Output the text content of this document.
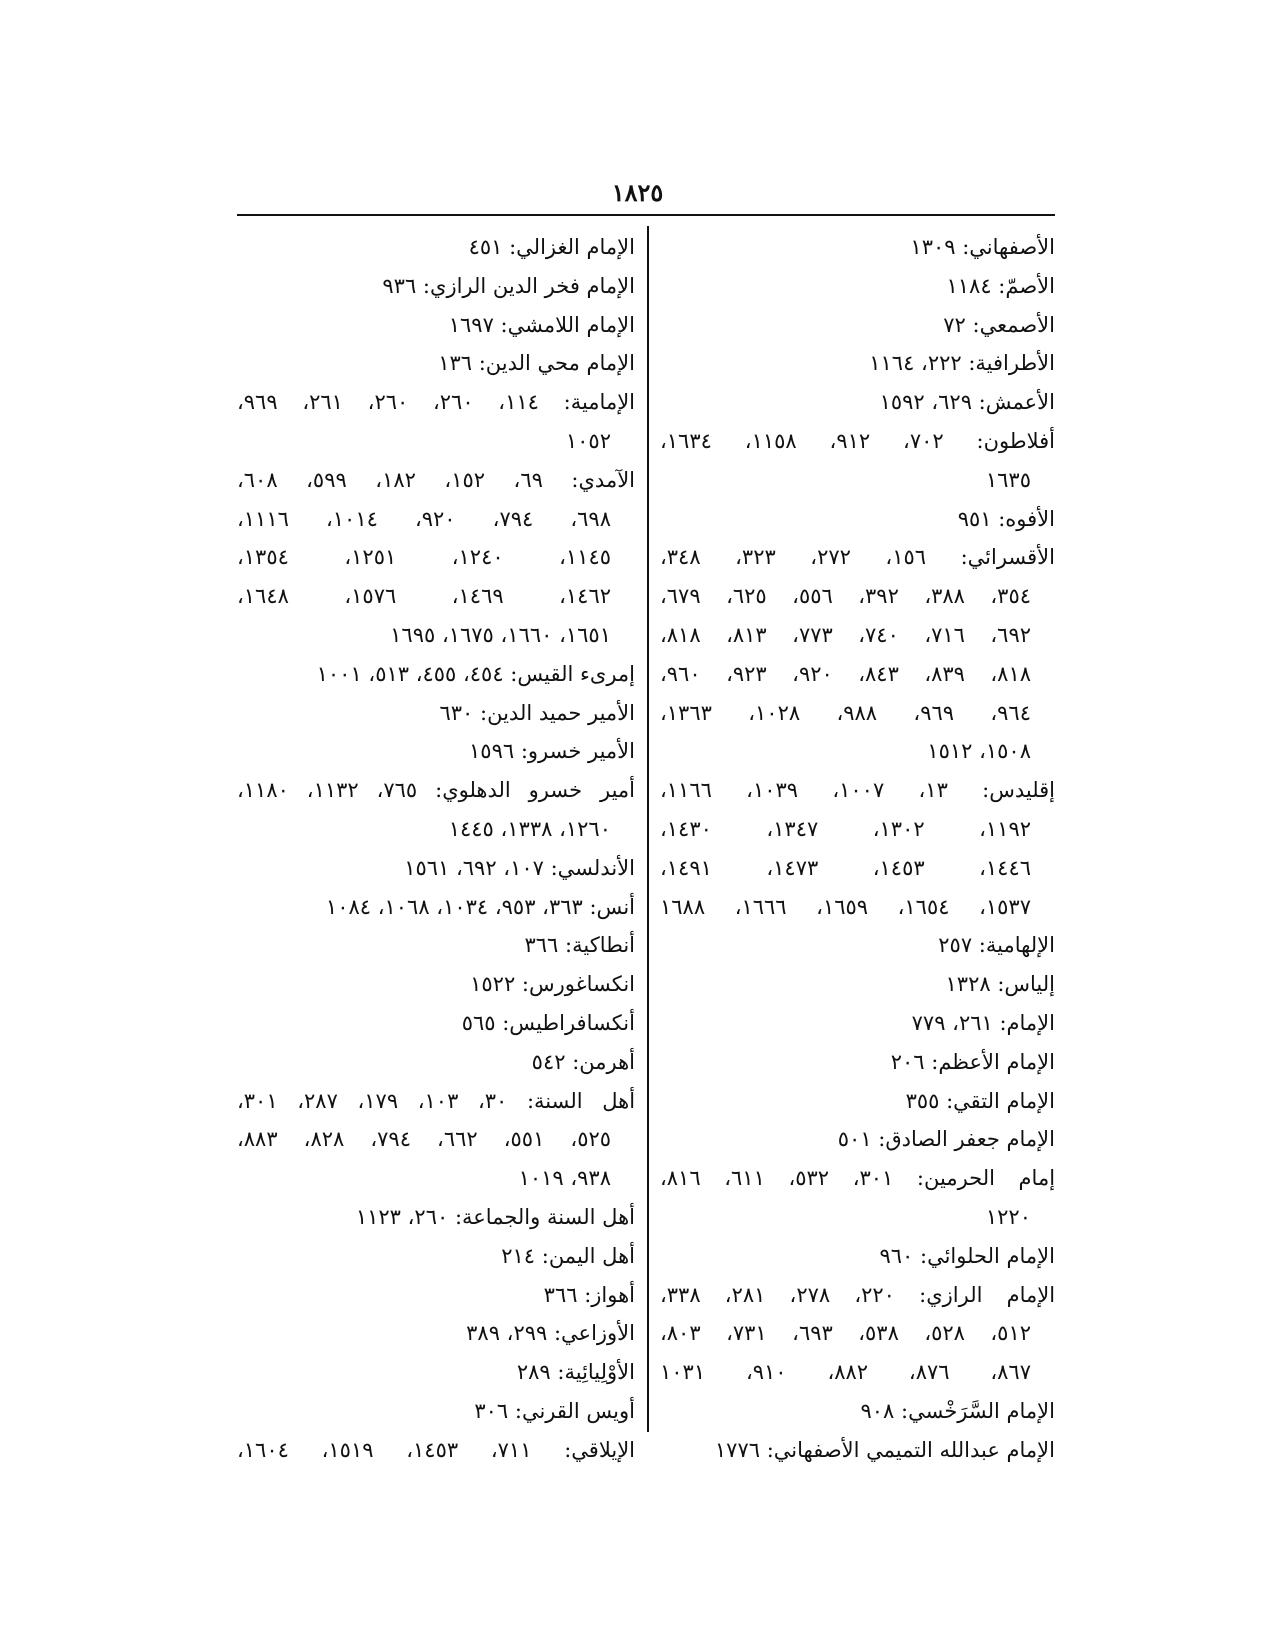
١٨٢٥
الأصفهاني: ١٣٠٩
الأصمّ: ١١٨٤
الأصمعي: ٧٢
الأطرافية: ٢٢٢، ١١٦٤
الأعمش: ٦٢٩، ١٥٩٢
أفلاطون: ٧٠٢، ٩١٢، ١١٥٨، ١٦٣٤،
١٦٣٥
الأفوه: ٩٥١
الأقسرائي: ١٥٦، ٢٧٢، ٣٢٣، ٣٤٨،
٣٥٤، ٣٨٨، ٣٩٢، ٥٥٦، ٦٢٥، ٦٧٩،
٦٩٢، ٧١٦، ٧٤٠، ٧٧٣، ٨١٣، ٨١٨،
٨١٨، ٨٣٩، ٨٤٣، ٩٢٠، ٩٢٣، ٩٦٠،
٩٦٤، ٩٦٩، ٩٨٨، ١٠٢٨، ١٣٦٣،
١٥٠٨، ١٥١٢
إقليدس: ١٣، ١٠٠٧، ١٠٣٩، ١١٦٦،
١١٩٢، ١٣٠٢، ١٣٤٧، ١٤٣٠،
١٤٤٦، ١٤٥٣، ١٤٧٣، ١٤٩١،
١٥٣٧، ١٦٥٤، ١٦٥٩، ١٦٦٦، ١٦٨٨
الإلهامية: ٢٥٧
إلياس: ١٣٢٨
الإمام: ٢٦١، ٧٧٩
الإمام الأعظم: ٢٠٦
الإمام التقي: ٣٥٥
الإمام جعفر الصادق: ٥٠١
إمام الحرمين: ٣٠١، ٥٣٢، ٦١١، ٨١٦،
١٢٢٠
الإمام الحلوائي: ٩٦٠
الإمام الرازي: ٢٢٠، ٢٧٨، ٢٨١، ٣٣٨،
٥١٢، ٥٢٨، ٥٣٨، ٦٩٣، ٧٣١، ٨٠٣،
٨٦٧، ٨٧٦، ٨٨٢، ٩١٠، ١٠٣١
الإمام السَّرَخْسي: ٩٠٨
الإمام عبدالله التميمي الأصفهاني: ١٧٧٦
الإمام الغزالي: ٤٥١
الإمام فخر الدين الرازي: ٩٣٦
الإمام اللامشي: ١٦٩٧
الإمام محي الدين: ١٣٦
الإمامية: ١١٤، ٢٦٠، ٢٦٠، ٢٦١، ٩٦٩،
١٠٥٢
الآمدي: ٦٩، ١٥٢، ١٨٢، ٥٩٩، ٦٠٨،
٦٩٨، ٧٩٤، ٩٢٠، ١٠١٤، ١١١٦،
١١٤٥، ١٢٤٠، ١٢٥١، ١٣٥٤،
١٤٦٢، ١٤٦٩، ١٥٧٦، ١٦٤٨،
١٦٥١، ١٦٦٠، ١٦٧٥، ١٦٩٥
إمرىء القيس: ٤٥٤، ٤٥٥، ٥١٣، ١٠٠١
الأمير حميد الدين: ٦٣٠
الأمير خسرو: ١٥٩٦
أمير خسرو الدهلوي: ٧٦٥، ١١٣٢، ١١٨٠،
١٢٦٠، ١٣٣٨، ١٤٤٥
الأندلسي: ١٠٧، ٦٩٢، ١٥٦١
أنس: ٣٦٣، ٩٥٣، ١٠٣٤، ١٠٦٨، ١٠٨٤
أنطاكية: ٣٦٦
انكساغورس: ١٥٢٢
أنكسافراطيس: ٥٦٥
أهرمن: ٥٤٢
أهل السنة: ٣٠، ١٠٣، ١٧٩، ٢٨٧، ٣٠١،
٥٢٥، ٥٥١، ٦٦٢، ٧٩٤، ٨٢٨، ٨٨٣،
٩٣٨، ١٠١٩
أهل السنة والجماعة: ٢٦٠، ١١٢٣
أهل اليمن: ٢١٤
أهواز: ٣٦٦
الأوزاعي: ٢٩٩، ٣٨٩
الأوْلِيائِية: ٢٨٩
أويس القرني: ٣٠٦
الإيلاقي: ٧١١، ١٤٥٣، ١٥١٩، ١٦٠٤،
